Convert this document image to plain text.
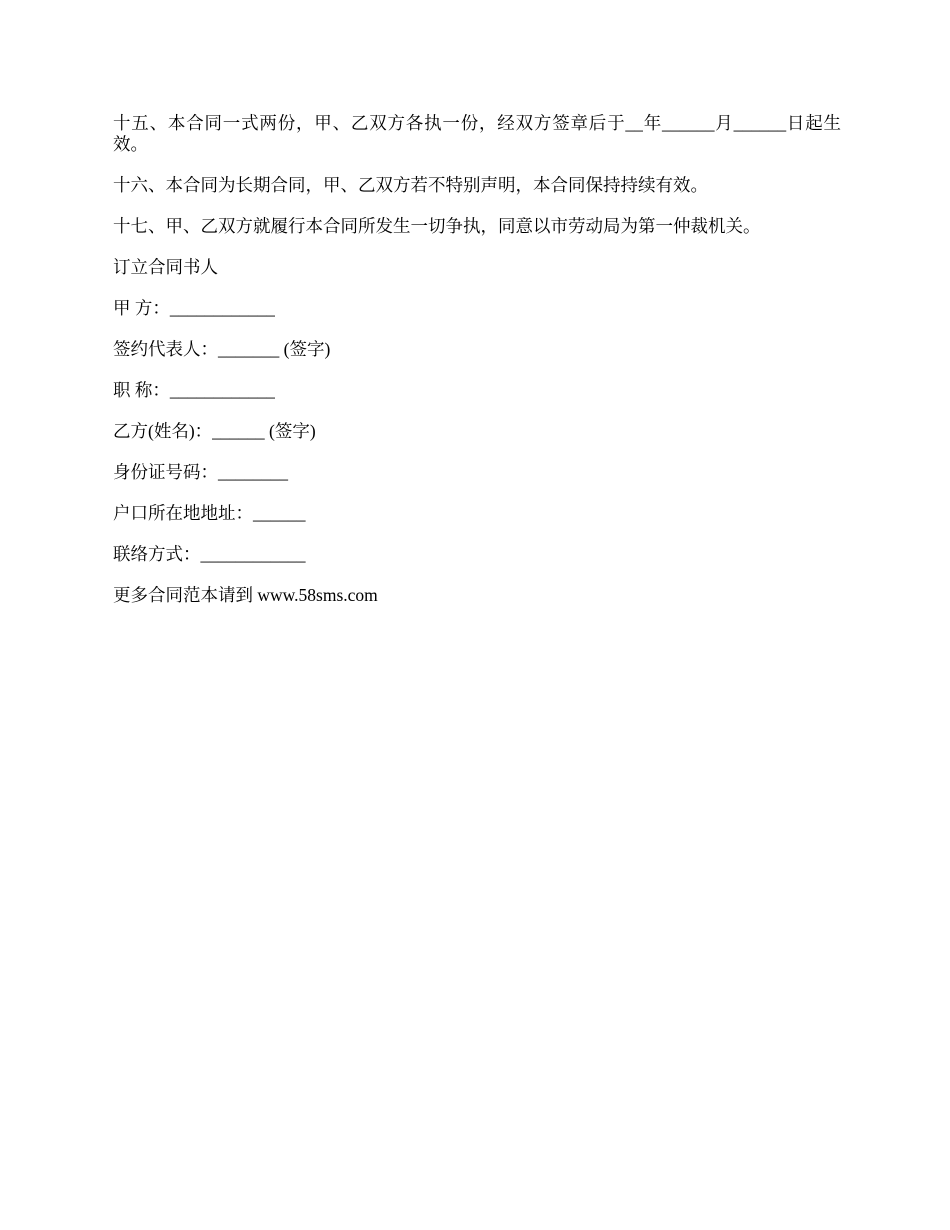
十五、本合同一式两份，甲、乙双方各执一份，经双方签章后于__年______月______日起生效。

十六、本合同为长期合同，甲、乙双方若不特别声明，本合同保持持续有效。

十七、甲、乙双方就履行本合同所发生一切争执，同意以市劳动局为第一仲裁机关。

订立合同书人

甲 方：____________

签约代表人：_______ (签字)

职 称：____________

乙方(姓名)：______ (签字)

身份证号码：________

户口所在地地址：______

联络方式：____________

更多合同范本请到 www.58sms.com
